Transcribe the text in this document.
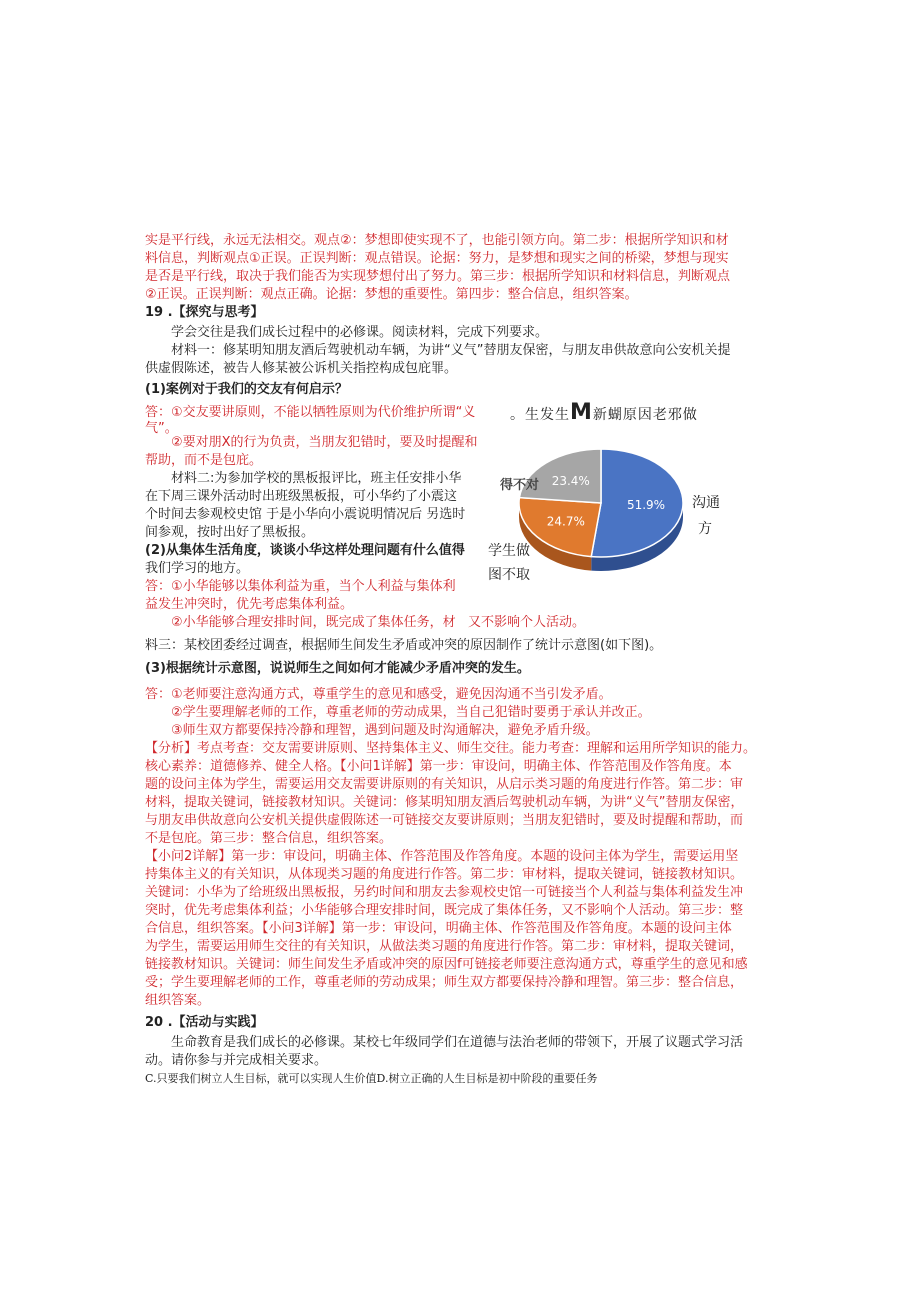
实是平行线，永远无法相交。观点②：梦想即使实现不了，也能引领方向。第二步：根据所学知识和材
料信息，判断观点①正误。正误判断：观点错误。论据：努力，是梦想和现实之间的桥梁，梦想与现实
是否是平行线，取决于我们能否为实现梦想付出了努力。第三步：根据所学知识和材料信息，判断观点
②正误。正误判断：观点正确。论据：梦想的重要性。第四步：整合信息，组织答案。
19 .【探究与思考】
学会交往是我们成长过程中的必修课。阅读材料，完成下列要求。
材料一：修某明知朋友酒后驾驶机动车辆，为讲“义气”替朋友保密，与朋友串供故意向公安机关提
供虚假陈述，被告人修某被公诉机关指控构成包庇罪。
(1)案例对于我们的交友有何启示？
答：①交友要讲原则，不能以牺牲原则为代价维护所谓“义
气”。
②要对朋X的行为负责，当朋友犯错时，要及时提醒和
帮助，而不是包庇。
材料二:为参加学校的黑板报评比，班主任安排小华
在下周三课外活动时出班级黑板报，可小华约了小震这
个时间去参观校史馆 于是小华向小震说明情况后 另选时
间参观，按时出好了黑板报。
(2)从集体生活角度，谈谈小华这样处理问题有什么值得
我们学习的地方。
答：①小华能够以集体利益为重，当个人利益与集体利
益发生冲突时，优先考虑集体利益。
②小华能够合理安排时间，既完成了集体任务，材 又不影响个人活动。
料三：某校团委经过调查，根据师生间发生矛盾或冲突的原因制作了统计示意图(如下图)。
(3)根据统计示意图，说说师生之间如何才能减少矛盾冲突的发生。
答：①老师要注意沟通方式，尊重学生的意见和感受，避免因沟通不当引发矛盾。
②学生要理解老师的工作，尊重老师的劳动成果，当自己犯错时要勇于承认并改正。
③师生双方都要保持冷静和理智，遇到问题及时沟通解决，避免矛盾升级。
【分析】考点考查：交友需要讲原则、坚持集体主义、师生交往。能力考查：理解和运用所学知识的能力。
核心素养：道德修养、健全人格。【小问1详解】第一步：审设问，明确主体、作答范围及作答角度。本
题的设问主体为学生，需要运用交友需要讲原则的有关知识，从启示类习题的角度进行作答。第二步：审
材料，提取关键词，链接教材知识。关键词：修某明知朋友酒后驾驶机动车辆，为讲“义气”替朋友保密，
与朋友串供故意向公安机关提供虚假陈述一可链接交友要讲原则；当朋友犯错时，要及时提醒和帮助，而
不是包庇。第三步：整合信息，组织答案。
【小问2详解】第一步：审设问，明确主体、作答范围及作答角度。本题的设问主体为学生，需要运用坚
持集体主义的有关知识，从体现类习题的角度进行作答。第二步：审材料，提取关键词，链接教材知识。
关键词：小华为了给班级出黑板报，另约时间和朋友去参观校史馆一可链接当个人利益与集体利益发生冲
突时，优先考虑集体利益；小华能够合理安排时间，既完成了集体任务，又不影响个人活动。第三步：整
合信息，组织答案。【小问3详解】第一步：审设问，明确主体、作答范围及作答角度。本题的设问主体
为学生，需要运用师生交往的有关知识，从做法类习题的角度进行作答。第二步：审材料，提取关键词，
链接教材知识。关键词：师生间发生矛盾或冲突的原因f可链接老师要注意沟通方式，尊重学生的意见和感
受；学生要理解老师的工作，尊重老师的劳动成果；师生双方都要保持冷静和理智。第三步：整合信息，
组织答案。
20 .【活动与实践】
生命教育是我们成长的必修课。某校七年级同学们在道德与法治老师的带领下，开展了议题式学习活
动。请你参与并完成相关要求。
C.只要我们树立人生目标，就可以实现人生价值D.树立正确的人生目标是初中阶段的重要任务
。生发生M新蝴原因老邪做
51.9%
24.7%
23.4%
得不对
沟通
方
学生做
图不取
